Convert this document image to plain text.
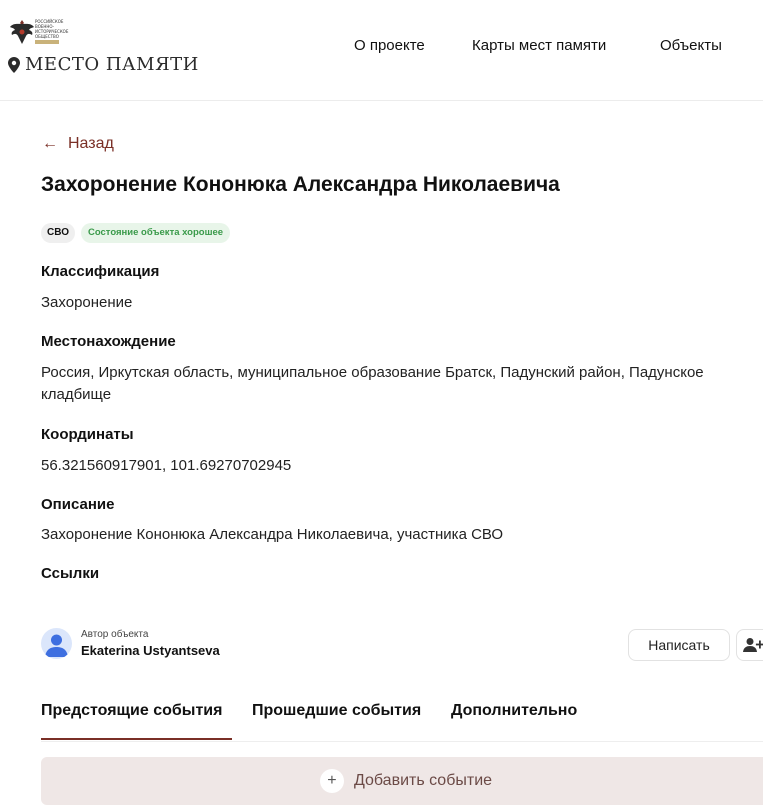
РОССИЙСКОЕ
ВОЕННО-ИСТОРИЧЕСКОЕ
ОБЩЕСТВО
МЕСТО ПАМЯТИ
О проекте	Карты мест памяти	Объекты
← Назад
Захоронение Кононюка Александра Николаевича
СВО	Состояние объекта хорошее
Классификация
Захоронение
Местонахождение
Россия, Иркутская область, муниципальное образование Братск, Падунский район, Падунское кладбище
Координаты
56.321560917901, 101.69270702945
Описание
Захоронение Кононюка Александра Николаевича, участника СВО
Ссылки
Автор объекта
Ekaterina Ustyantseva	Написать
Предстоящие события Прошедшие события Дополнительно
+	Добавить событие
